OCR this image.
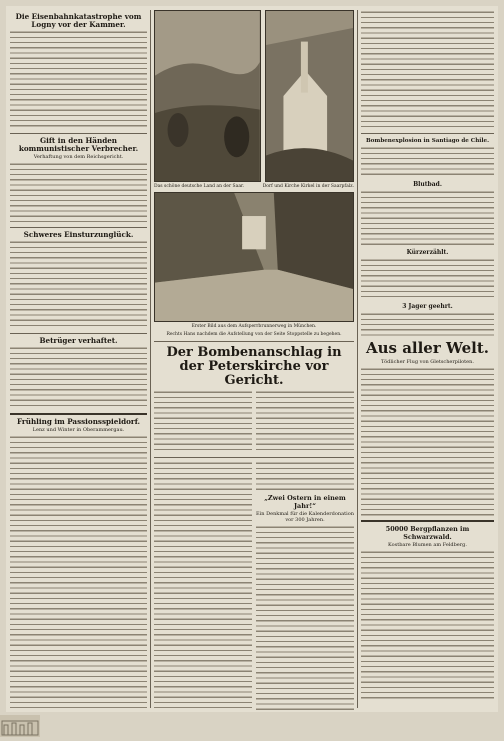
Die Eisenbahnkatastrophe vom Logny vor der Kammer.
Gift in den Händen kommunistischer Verbrecher.
Verhaftung von dem Reichsgericht.
Schweres Einsturzunglück.
Betrüger verhaftet.
Frühling im Passionsspieldorf.
Lenz und Winter in Oberammergau.
Das schöne deutsche Land an der Saar.	Dorf und Kirche Kirkel in der Saarpfalz.
Erster Bild aus dem Aufsperrbrunnerweg in München.
Rechts Hans nachdem die Aufstellung von der Seite Stoppstelle zu begehen.
Der Bombenanschlag in der Peterskirche vor Gericht.
„Zwei Ostern in einem Jahr!“
Ein Denkmal für die Kalenderdonation vor 300 Jahren.
Bombenexplosion in Santiago de Chile.
Blutbad.
Kürzerzählt.
3 Jager geehrt.
Aus aller Welt.
Tödlicher Flug von Gletscherpiloten.
50000 Bergpflanzen im Schwarzwald.
Kostbare Blumen am Feldberg.
